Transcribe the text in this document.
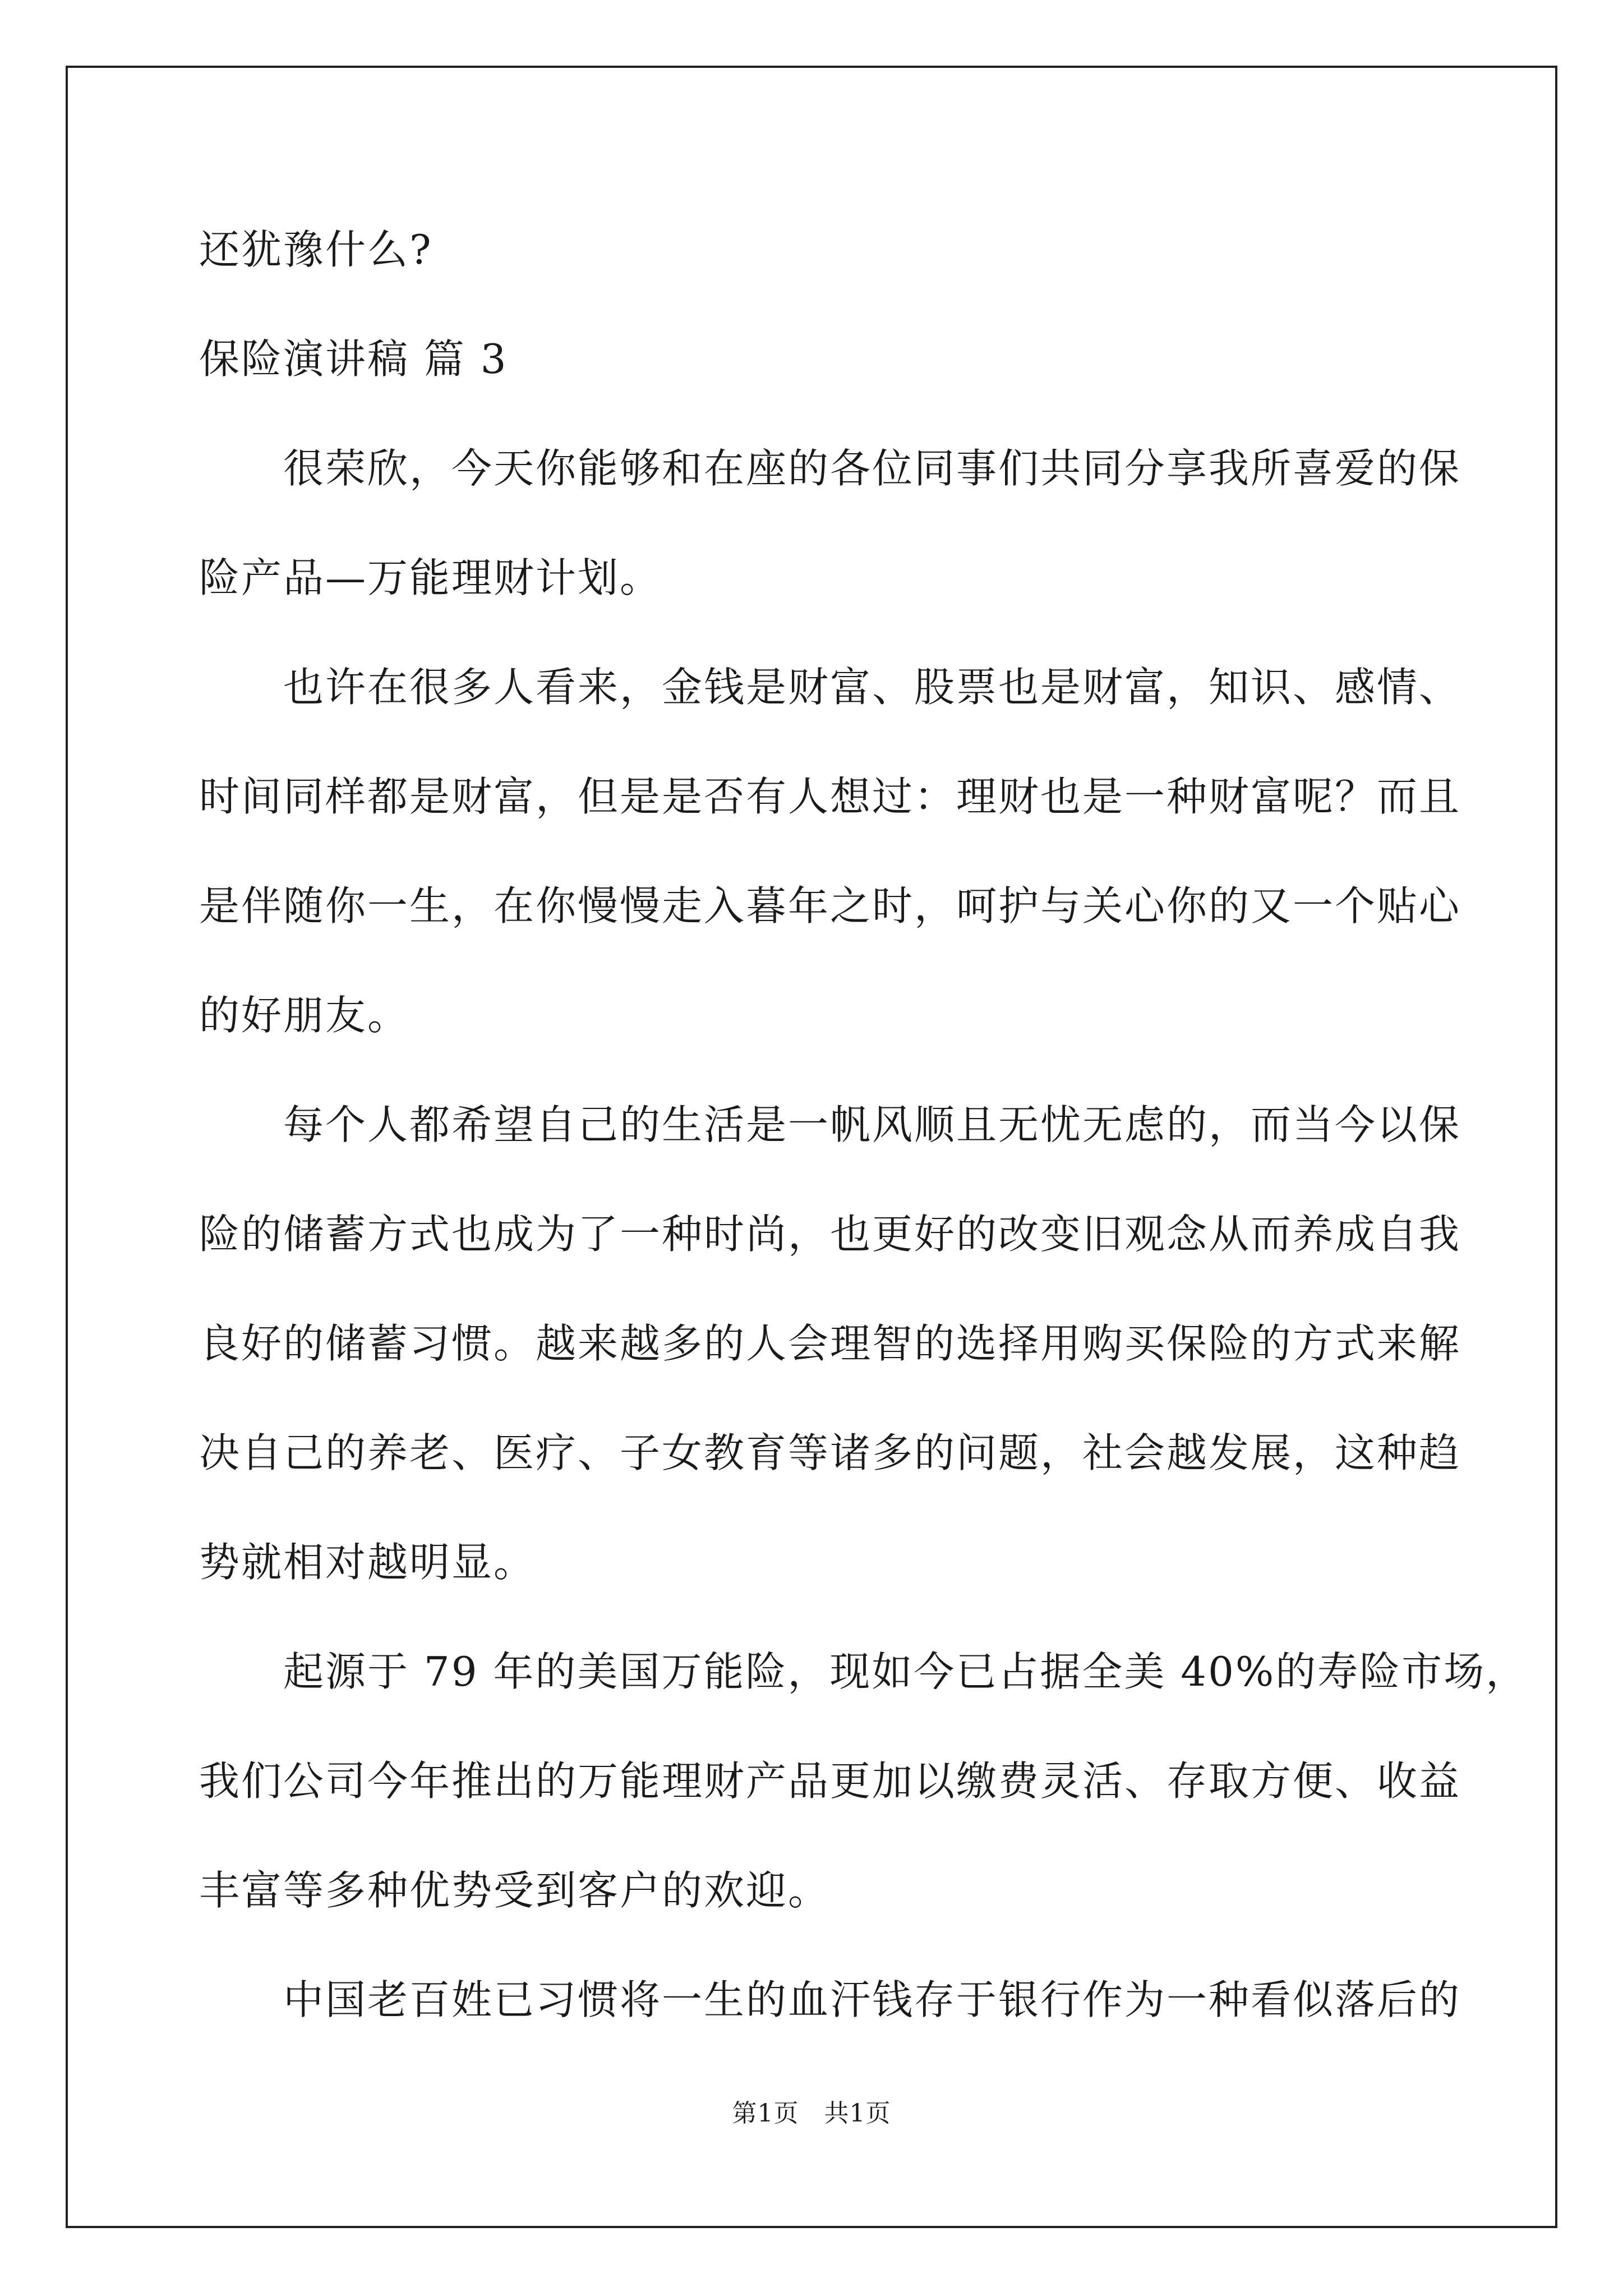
还犹豫什么?
保险演讲稿 篇 3
很荣欣，今天你能够和在座的各位同事们共同分享我所喜爱的保
险产品—万能理财计划。
也许在很多人看来，金钱是财富、股票也是财富，知识、感情、
时间同样都是财富，但是是否有人想过：理财也是一种财富呢？而且
是伴随你一生，在你慢慢走入暮年之时，呵护与关心你的又一个贴心
的好朋友。
每个人都希望自己的生活是一帆风顺且无忧无虑的，而当今以保
险的储蓄方式也成为了一种时尚，也更好的改变旧观念从而养成自我
良好的储蓄习惯。越来越多的人会理智的选择用购买保险的方式来解
决自己的养老、医疗、子女教育等诸多的问题，社会越发展，这种趋
势就相对越明显。
起源于 79 年的美国万能险，现如今已占据全美 40%的寿险市场，
我们公司今年推出的万能理财产品更加以缴费灵活、存取方便、收益
丰富等多种优势受到客户的欢迎。
中国老百姓已习惯将一生的血汗钱存于银行作为一种看似落后的
第1页　共1页
